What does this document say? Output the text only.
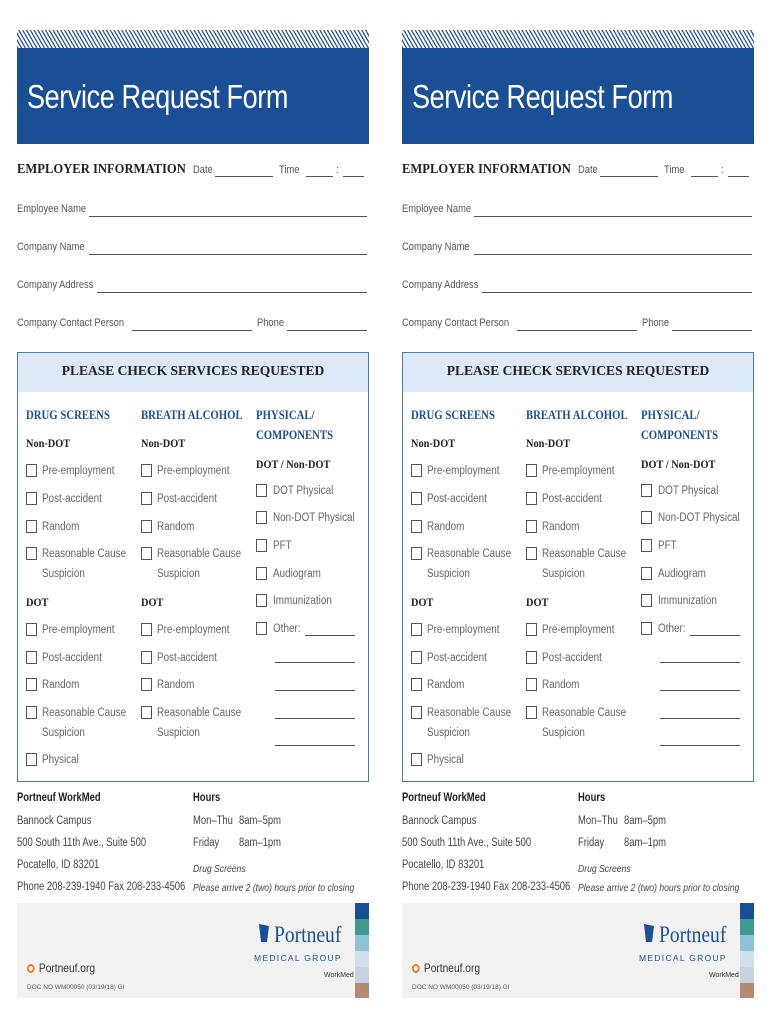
Service Request Form
EMPLOYER INFORMATION Date	Time	:
Employee Name
Company Name
Company Address
Company Contact Person	Phone
PLEASE CHECK SERVICES REQUESTED
DRUG SCREENS BREATH ALCOHOL PHYSICAL/
COMPONENTS
Non-DOT
Pre-employment
Post-accident
Random
Reasonable Cause
Suspicion
DOT
Pre-employment
Post-accident
Random
Reasonable Cause
Suspicion
Physical
Non-DOT
Pre-employment
Post-accident
Random
Reasonable Cause
Suspicion
DOT
Pre-employment
Post-accident
Random
Reasonable Cause
Suspicion
DOT / Non-DOT
DOT Physical
Non-DOT Physical
PFT
Audiogram
Immunization
Other:
Portneuf WorkMed
Bannock Campus
500 South 11th Ave., Suite 500
Pocatello, ID 83201
Phone 208-239-1940 Fax 208-233-4506
Hours
Mon–Thu 8am–5pm
Friday 8am–1pm
Drug Screens
Please arrive 2 (two) hours prior to closing
Portneuf.org
DOC NO WM00050 (03/19/18) GI
Portneuf
MEDICAL GROUP
WorkMed
Service Request Form
EMPLOYER INFORMATION Date	Time	:
Employee Name
Company Name
Company Address
Company Contact Person	Phone
PLEASE CHECK SERVICES REQUESTED
DRUG SCREENS BREATH ALCOHOL PHYSICAL/
COMPONENTS
Non-DOT
Pre-employment
Post-accident
Random
Reasonable Cause
Suspicion
DOT
Pre-employment
Post-accident
Random
Reasonable Cause
Suspicion
Physical
Non-DOT
Pre-employment
Post-accident
Random
Reasonable Cause
Suspicion
DOT
Pre-employment
Post-accident
Random
Reasonable Cause
Suspicion
DOT / Non-DOT
DOT Physical
Non-DOT Physical
PFT
Audiogram
Immunization
Other:
Portneuf WorkMed
Bannock Campus
500 South 11th Ave., Suite 500
Pocatello, ID 83201
Phone 208-239-1940 Fax 208-233-4506
Hours
Mon–Thu 8am–5pm
Friday 8am–1pm
Drug Screens
Please arrive 2 (two) hours prior to closing
Portneuf.org
DOC NO WM00050 (03/19/18) GI
Portneuf
MEDICAL GROUP
WorkMed
